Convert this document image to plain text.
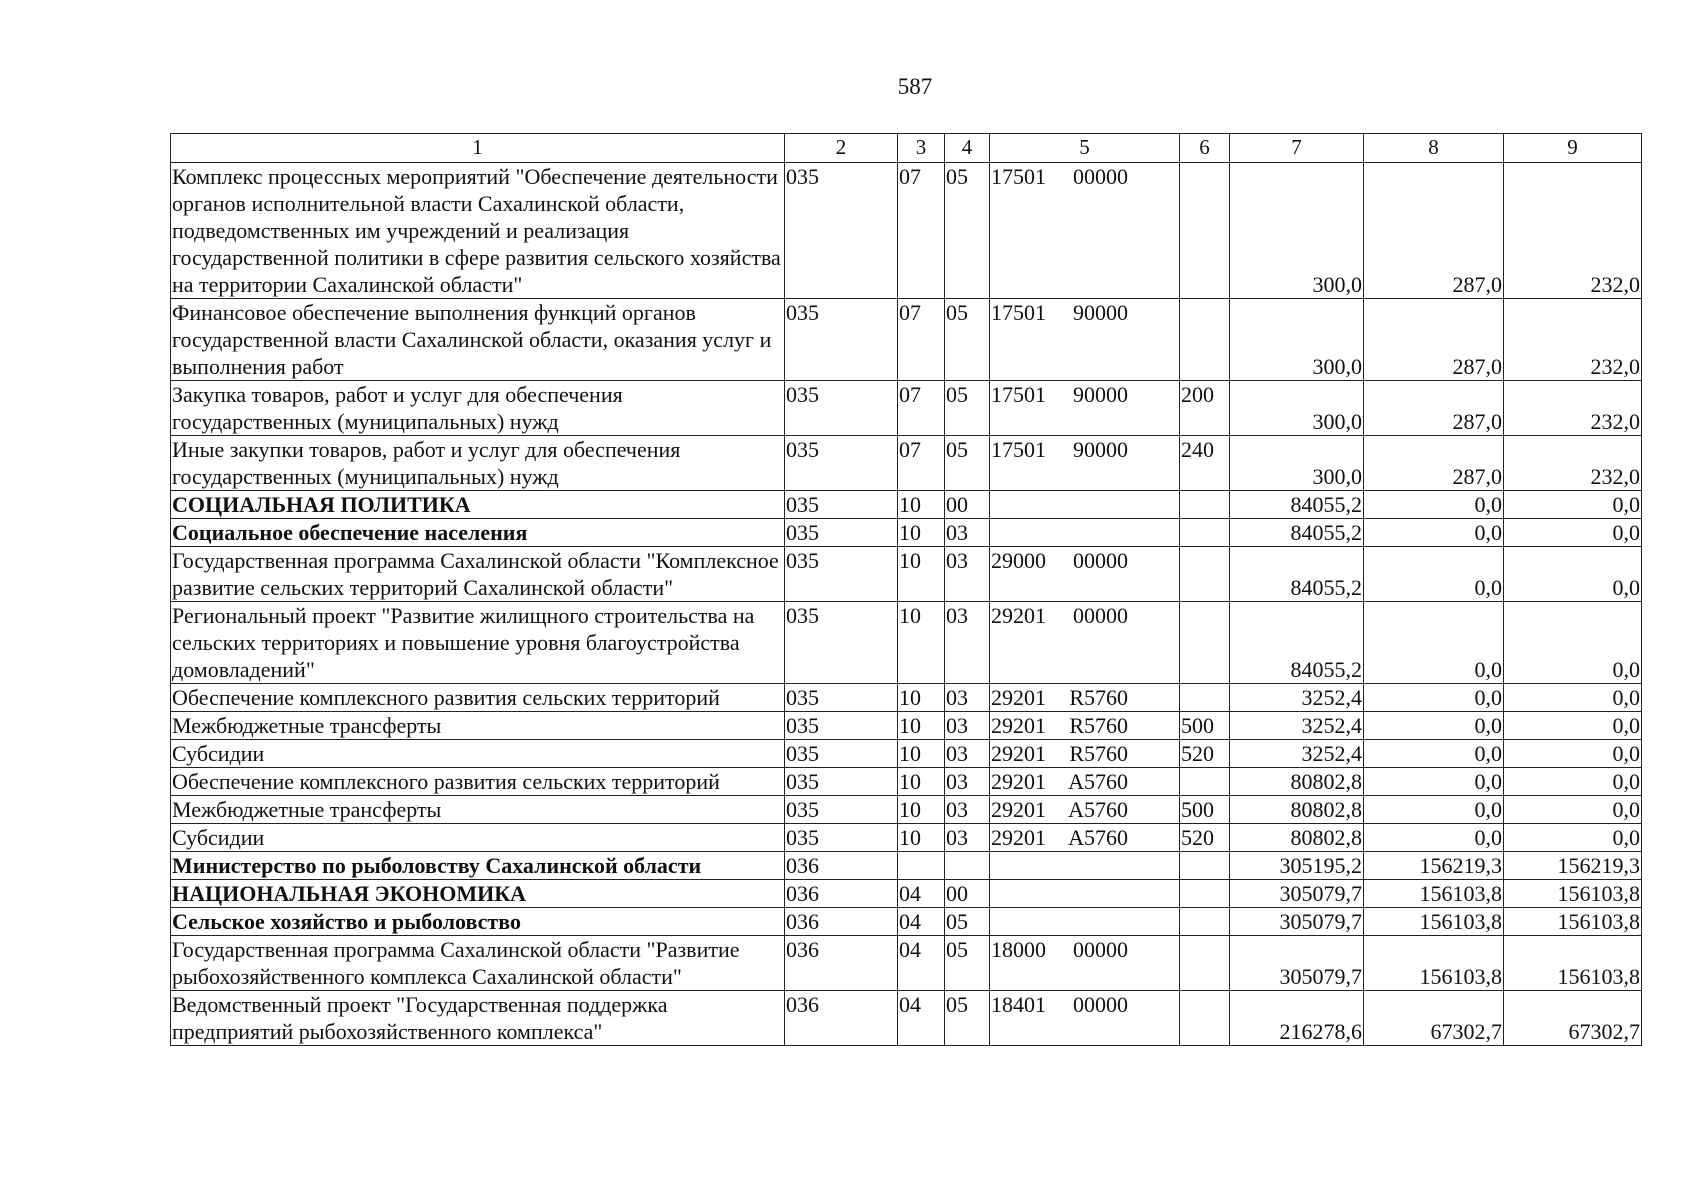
587
1	2	3	4	5	6	7	8	9
Комплекс процессных мероприятий "Обеспечение деятельности органов исполнительной власти Сахалинской области, подведомственных им учреждений и реализация государственной политики в сфере развития сельского хозяйства на территории Сахалинской области"	035	07	05	17501 00000		300,0	287,0	232,0
Финансовое обеспечение выполнения функций органов государственной власти Сахалинской области, оказания услуг и выполнения работ	035	07	05	17501 90000		300,0	287,0	232,0
Закупка товаров, работ и услуг для обеспечения государственных (муниципальных) нужд	035	07	05	17501 90000	200	300,0	287,0	232,0
Иные закупки товаров, работ и услуг для обеспечения государственных (муниципальных) нужд	035	07	05	17501 90000	240	300,0	287,0	232,0
СОЦИАЛЬНАЯ ПОЛИТИКА	035	10	00			84055,2	0,0	0,0
Социальное обеспечение населения	035	10	03			84055,2	0,0	0,0
Государственная программа Сахалинской области "Комплексное развитие сельских территорий Сахалинской области"	035	10	03	29000 00000		84055,2	0,0	0,0
Региональный проект "Развитие жилищного строительства на сельских территориях и повышение уровня благоустройства домовладений"	035	10	03	29201 00000		84055,2	0,0	0,0
Обеспечение комплексного развития сельских территорий	035	10	03	29201 R5760		3252,4	0,0	0,0
Межбюджетные трансферты	035	10	03	29201 R5760	500	3252,4	0,0	0,0
Субсидии	035	10	03	29201 R5760	520	3252,4	0,0	0,0
Обеспечение комплексного развития сельских территорий	035	10	03	29201 А5760		80802,8	0,0	0,0
Межбюджетные трансферты	035	10	03	29201 А5760	500	80802,8	0,0	0,0
Субсидии	035	10	03	29201 А5760	520	80802,8	0,0	0,0
Министерство по рыболовству Сахалинской области	036					305195,2	156219,3	156219,3
НАЦИОНАЛЬНАЯ ЭКОНОМИКА	036	04	00			305079,7	156103,8	156103,8
Сельское хозяйство и рыболовство	036	04	05			305079,7	156103,8	156103,8
Государственная программа Сахалинской области "Развитие рыбохозяйственного комплекса Сахалинской области"	036	04	05	18000 00000		305079,7	156103,8	156103,8
Ведомственный проект "Государственная поддержка предприятий рыбохозяйственного комплекса"	036	04	05	18401 00000		216278,6	67302,7	67302,7
